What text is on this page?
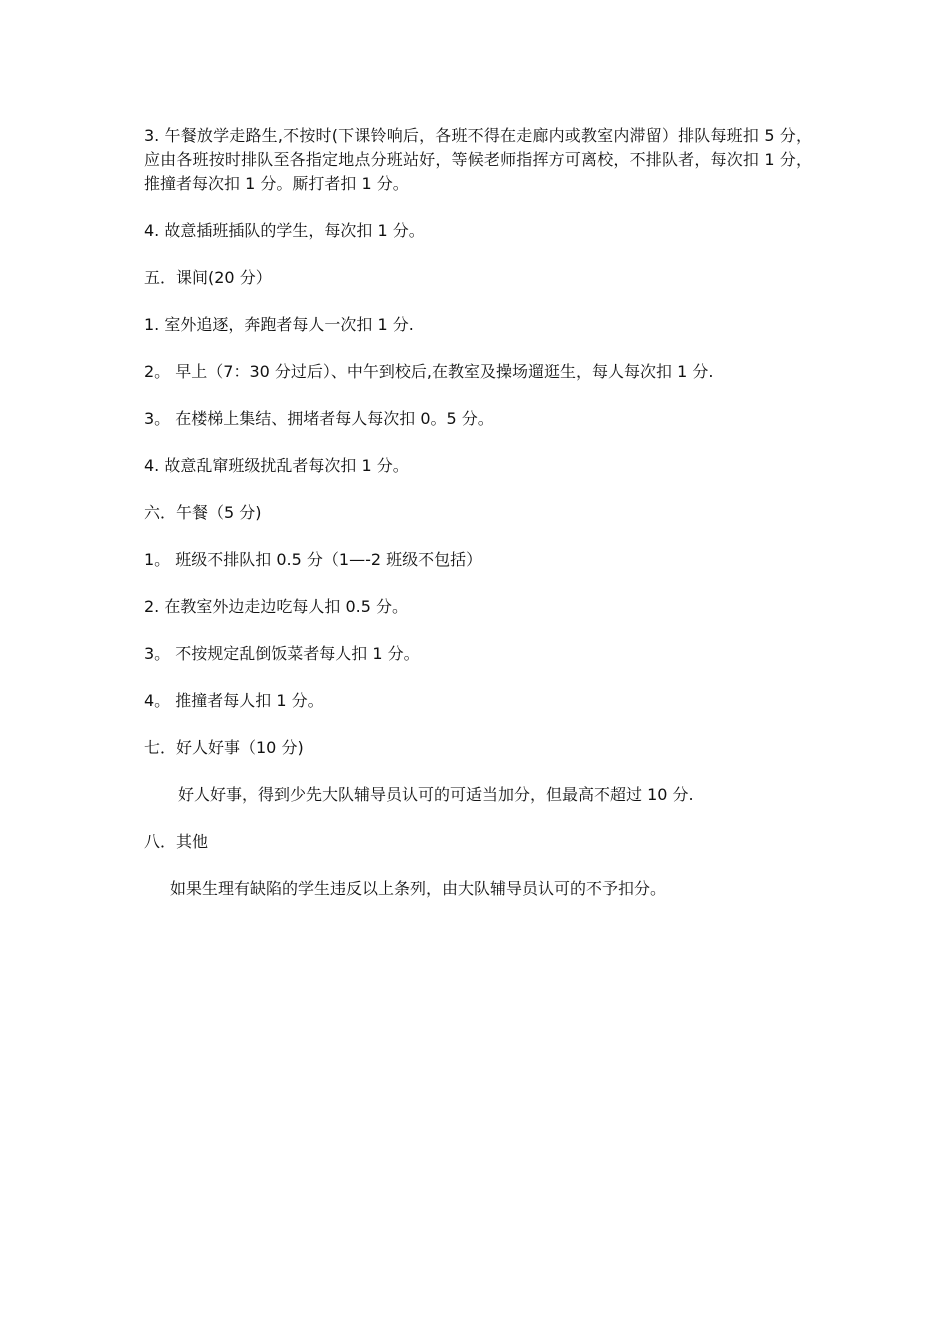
3. 午餐放学走路生,不按时(下课铃响后，各班不得在走廊内或教室内滞留）排队每班扣 5 分，应由各班按时排队至各指定地点分班站好，等候老师指挥方可离校，不排队者，每次扣 1 分，推撞者每次扣 1 分。厮打者扣 1 分。

4. 故意插班插队的学生，每次扣 1 分。

五．课间(20 分）

1. 室外追逐，奔跑者每人一次扣 1 分.

2。 早上（7：30 分过后）、中午到校后,在教室及操场遛逛生，每人每次扣 1 分.

3。 在楼梯上集结、拥堵者每人每次扣 0。5 分。

4. 故意乱窜班级扰乱者每次扣 1 分。

六．午餐（5 分)

1。 班级不排队扣 0.5 分（1—-2 班级不包括）

2. 在教室外边走边吃每人扣 0.5 分。

3。 不按规定乱倒饭菜者每人扣 1 分。

4。 推撞者每人扣 1 分。

七．好人好事（10 分)

好人好事，得到少先大队辅导员认可的可适当加分，但最高不超过 10 分.

八．其他

如果生理有缺陷的学生违反以上条列，由大队辅导员认可的不予扣分。
